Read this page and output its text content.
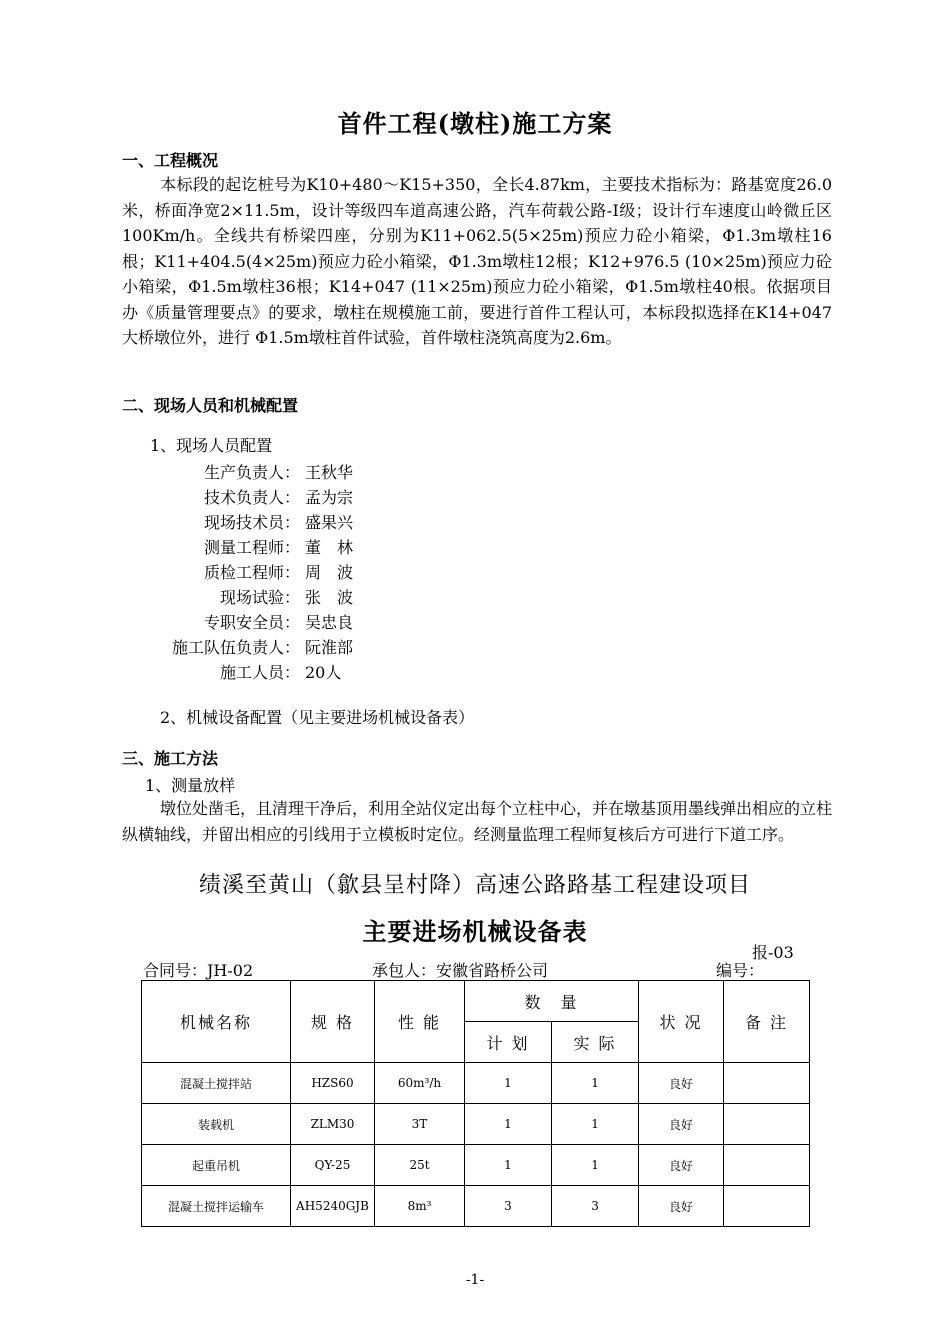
首件工程(墩柱)施工方案
一、工程概况
本标段的起讫桩号为K10+480～K15+350，全长4.87km，主要技术指标为：路基宽度26.0米，桥面净宽2×11.5m，设计等级四车道高速公路，汽车荷载公路-Ⅰ级；设计行车速度山岭微丘区100Km/h。全线共有桥梁四座，分别为K11+062.5(5×25m)预应力砼小箱梁，Φ1.3m墩柱16根；K11+404.5(4×25m)预应力砼小箱梁，Φ1.3m墩柱12根；K12+976.5 (10×25m)预应力砼小箱梁，Φ1.5m墩柱36根；K14+047 (11×25m)预应力砼小箱梁，Φ1.5m墩柱40根。依据项目办《质量管理要点》的要求，墩柱在规模施工前，要进行首件工程认可，本标段拟选择在K14+047大桥墩位外，进行 Φ1.5m墩柱首件试验，首件墩柱浇筑高度为2.6m。
二、现场人员和机械配置
1、现场人员配置
生产负责人： 王秋华
技术负责人： 孟为宗
现场技术员： 盛果兴
测量工程师： 董　林
质检工程师： 周　波
现场试验： 张　波
专职安全员： 吴忠良
施工队伍负责人： 阮淮部
施工人员： 20人
2、机械设备配置（见主要进场机械设备表）
三、施工方法
1、测量放样
墩位处凿毛，且清理干净后，利用全站仪定出每个立柱中心，并在墩基顶用墨线弹出相应的立柱纵横轴线，并留出相应的引线用于立模板时定位。经测量监理工程师复核后方可进行下道工序。
绩溪至黄山（歙县呈村降）高速公路路基工程建设项目
主要进场机械设备表
报-03
合同号：JH-02	承包人：安徽省路桥公司	编号：
机械名称	规 格	性 能	数　量		状 况	备 注
			计 划	实 际		
混凝土搅拌站	HZS60	60m³/h	1	1	良好	
装载机	ZLM30	3T	1	1	良好	
起重吊机	QY-25	25t	1	1	良好	
混凝土搅拌运输车	AH5240GJB	8m³	3	3	良好	
-1-
